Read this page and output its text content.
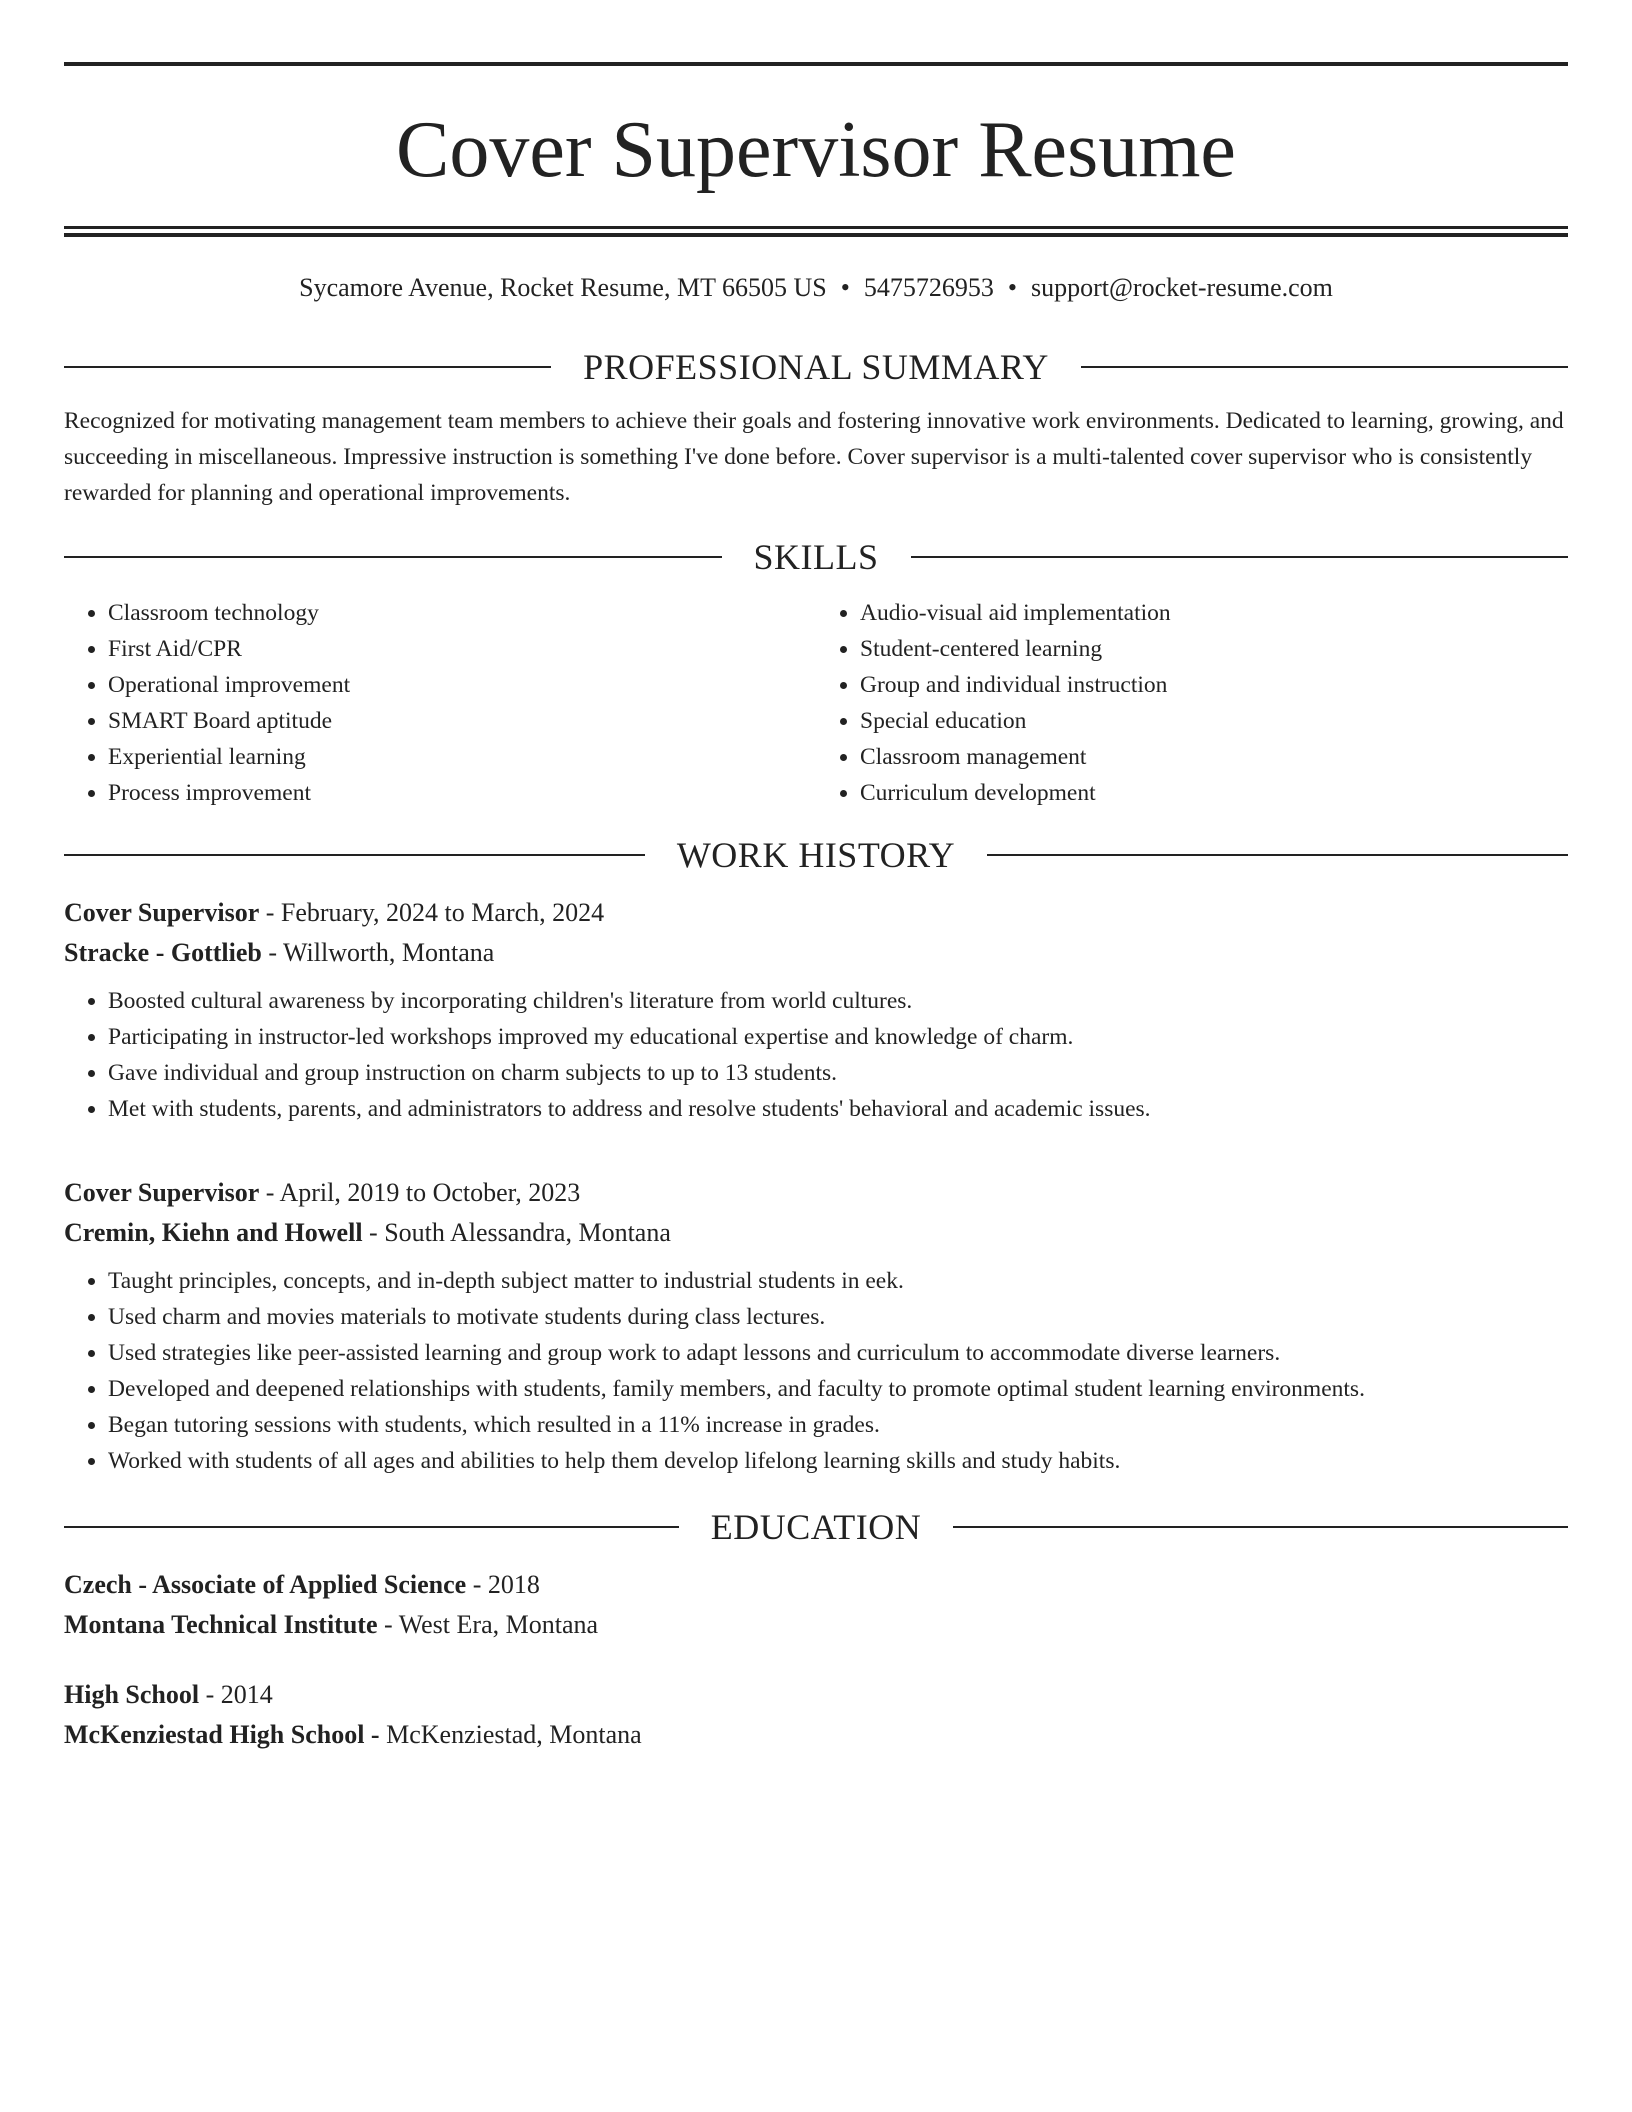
Cover Supervisor Resume
Sycamore Avenue, Rocket Resume, MT 66505 US • 5475726953 • support@rocket-resume.com
PROFESSIONAL SUMMARY

Recognized for motivating management team members to achieve their goals and fostering innovative work environments. Dedicated to learning, growing, and succeeding in miscellaneous. Impressive instruction is something I've done before. Cover supervisor is a multi-talented cover supervisor who is consistently rewarded for planning and operational improvements.

SKILLS
• Classroom technology
• First Aid/CPR
• Operational improvement
• SMART Board aptitude
• Experiential learning
• Process improvement
• Audio-visual aid implementation
• Student-centered learning
• Group and individual instruction
• Special education
• Classroom management
• Curriculum development
WORK HISTORY
Cover Supervisor - February, 2024 to March, 2024
Stracke - Gottlieb - Willworth, Montana
• Boosted cultural awareness by incorporating children's literature from world cultures.
• Participating in instructor-led workshops improved my educational expertise and knowledge of charm.
• Gave individual and group instruction on charm subjects to up to 13 students.
• Met with students, parents, and administrators to address and resolve students' behavioral and academic issues.
Cover Supervisor - April, 2019 to October, 2023
Cremin, Kiehn and Howell - South Alessandra, Montana
• Taught principles, concepts, and in-depth subject matter to industrial students in eek.
• Used charm and movies materials to motivate students during class lectures.
• Used strategies like peer-assisted learning and group work to adapt lessons and curriculum to accommodate diverse learners.
• Developed and deepened relationships with students, family members, and faculty to promote optimal student learning environments.
• Began tutoring sessions with students, which resulted in a 11% increase in grades.
• Worked with students of all ages and abilities to help them develop lifelong learning skills and study habits.
EDUCATION
Czech - Associate of Applied Science - 2018
Montana Technical Institute - West Era, Montana
High School - 2014
McKenziestad High School - McKenziestad, Montana
